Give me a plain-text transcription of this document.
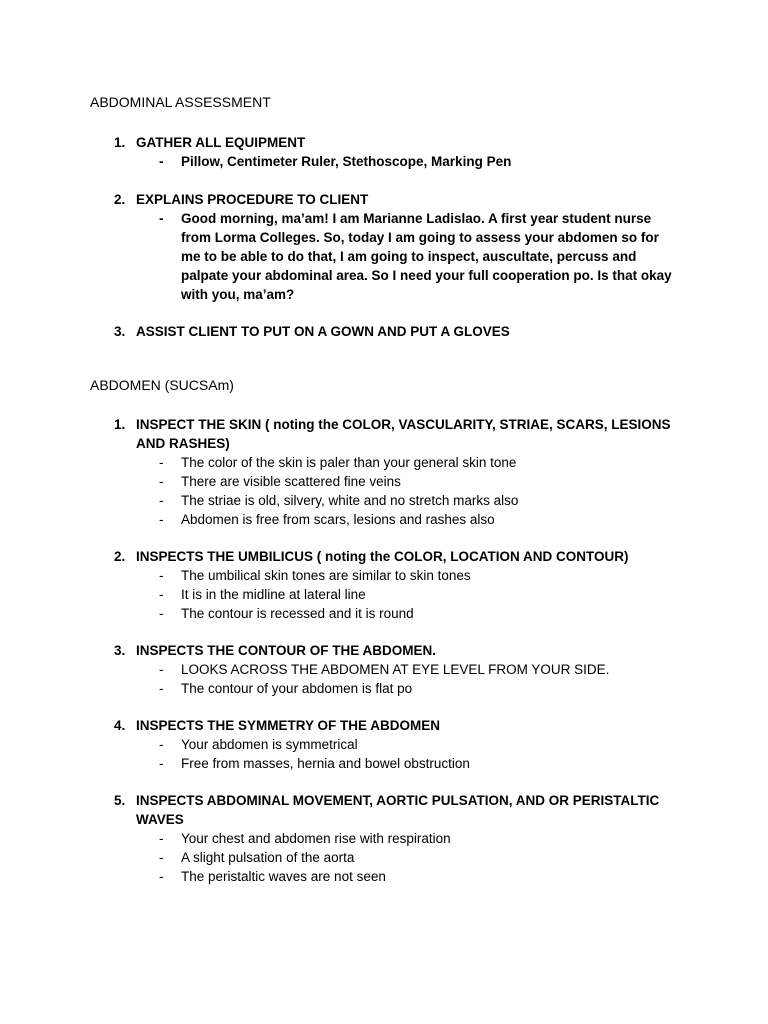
ABDOMINAL ASSESSMENT
1. GATHER ALL EQUIPMENT
- Pillow, Centimeter Ruler, Stethoscope, Marking Pen
2. EXPLAINS PROCEDURE TO CLIENT
- Good morning, ma’am! I am Marianne Ladislao. A first year student nurse from Lorma Colleges. So, today I am going to assess your abdomen so for me to be able to do that, I am going to inspect, auscultate, percuss and palpate your abdominal area. So I need your full cooperation po. Is that okay with you, ma’am?
3. ASSIST CLIENT TO PUT ON A GOWN AND PUT A GLOVES
ABDOMEN (SUCSAm)
1. INSPECT THE SKIN ( noting the COLOR, VASCULARITY, STRIAE, SCARS, LESIONS AND RASHES)
- The color of the skin is paler than your general skin tone
- There are visible scattered fine veins
- The striae is old, silvery, white and no stretch marks also
- Abdomen is free from scars, lesions and rashes also
2. INSPECTS THE UMBILICUS ( noting the COLOR, LOCATION AND CONTOUR)
- The umbilical skin tones are similar to skin tones
- It is in the midline at lateral line
- The contour is recessed and it is round
3. INSPECTS THE CONTOUR OF THE ABDOMEN.
- LOOKS ACROSS THE ABDOMEN AT EYE LEVEL FROM YOUR SIDE.
- The contour of your abdomen is flat po
4. INSPECTS THE SYMMETRY OF THE ABDOMEN
- Your abdomen is symmetrical
- Free from masses, hernia and bowel obstruction
5. INSPECTS ABDOMINAL MOVEMENT, AORTIC PULSATION, AND OR PERISTALTIC WAVES
- Your chest and abdomen rise with respiration
- A slight pulsation of the aorta
- The peristaltic waves are not seen
